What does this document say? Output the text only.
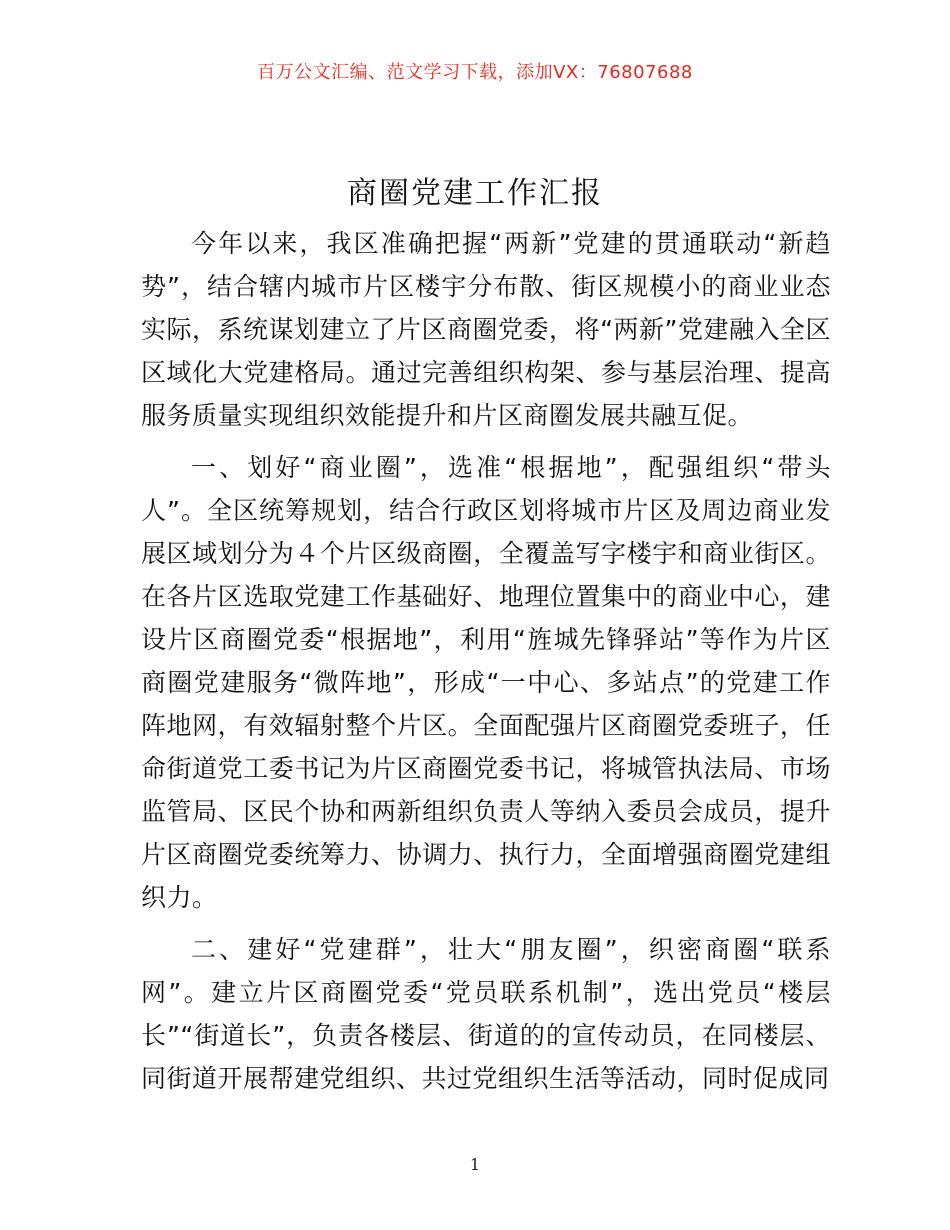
百万公文汇编、范文学习下载，添加VX：76807688
商圈党建工作汇报

今年以来，我区准确把握“两新”党建的贯通联动“新趋势”，结合辖内城市片区楼宇分布散、街区规模小的商业业态实际，系统谋划建立了片区商圈党委，将“两新”党建融入全区区域化大党建格局。通过完善组织构架、参与基层治理、提高服务质量实现组织效能提升和片区商圈发展共融互促。

一、划好“商业圈”，选准“根据地”，配强组织“带头人”。全区统筹规划，结合行政区划将城市片区及周边商业发展区域划分为４个片区级商圈，全覆盖写字楼宇和商业街区。在各片区选取党建工作基础好、地理位置集中的商业中心，建设片区商圈党委“根据地”，利用“旌城先锋驿站”等作为片区商圈党建服务“微阵地”，形成“一中心、多站点”的党建工作阵地网，有效辐射整个片区。全面配强片区商圈党委班子，任命街道党工委书记为片区商圈党委书记，将城管执法局、市场监管局、区民个协和两新组织负责人等纳入委员会成员，提升片区商圈党委统筹力、协调力、执行力，全面增强商圈党建组织力。

二、建好“党建群”，壮大“朋友圈”，织密商圈“联系网”。建立片区商圈党委“党员联系机制”，选出党员“楼层长”“街道长”，负责各楼层、街道的的宣传动员，在同楼层、同街道开展帮建党组织、共过党组织生活等活动，同时促成同

1
